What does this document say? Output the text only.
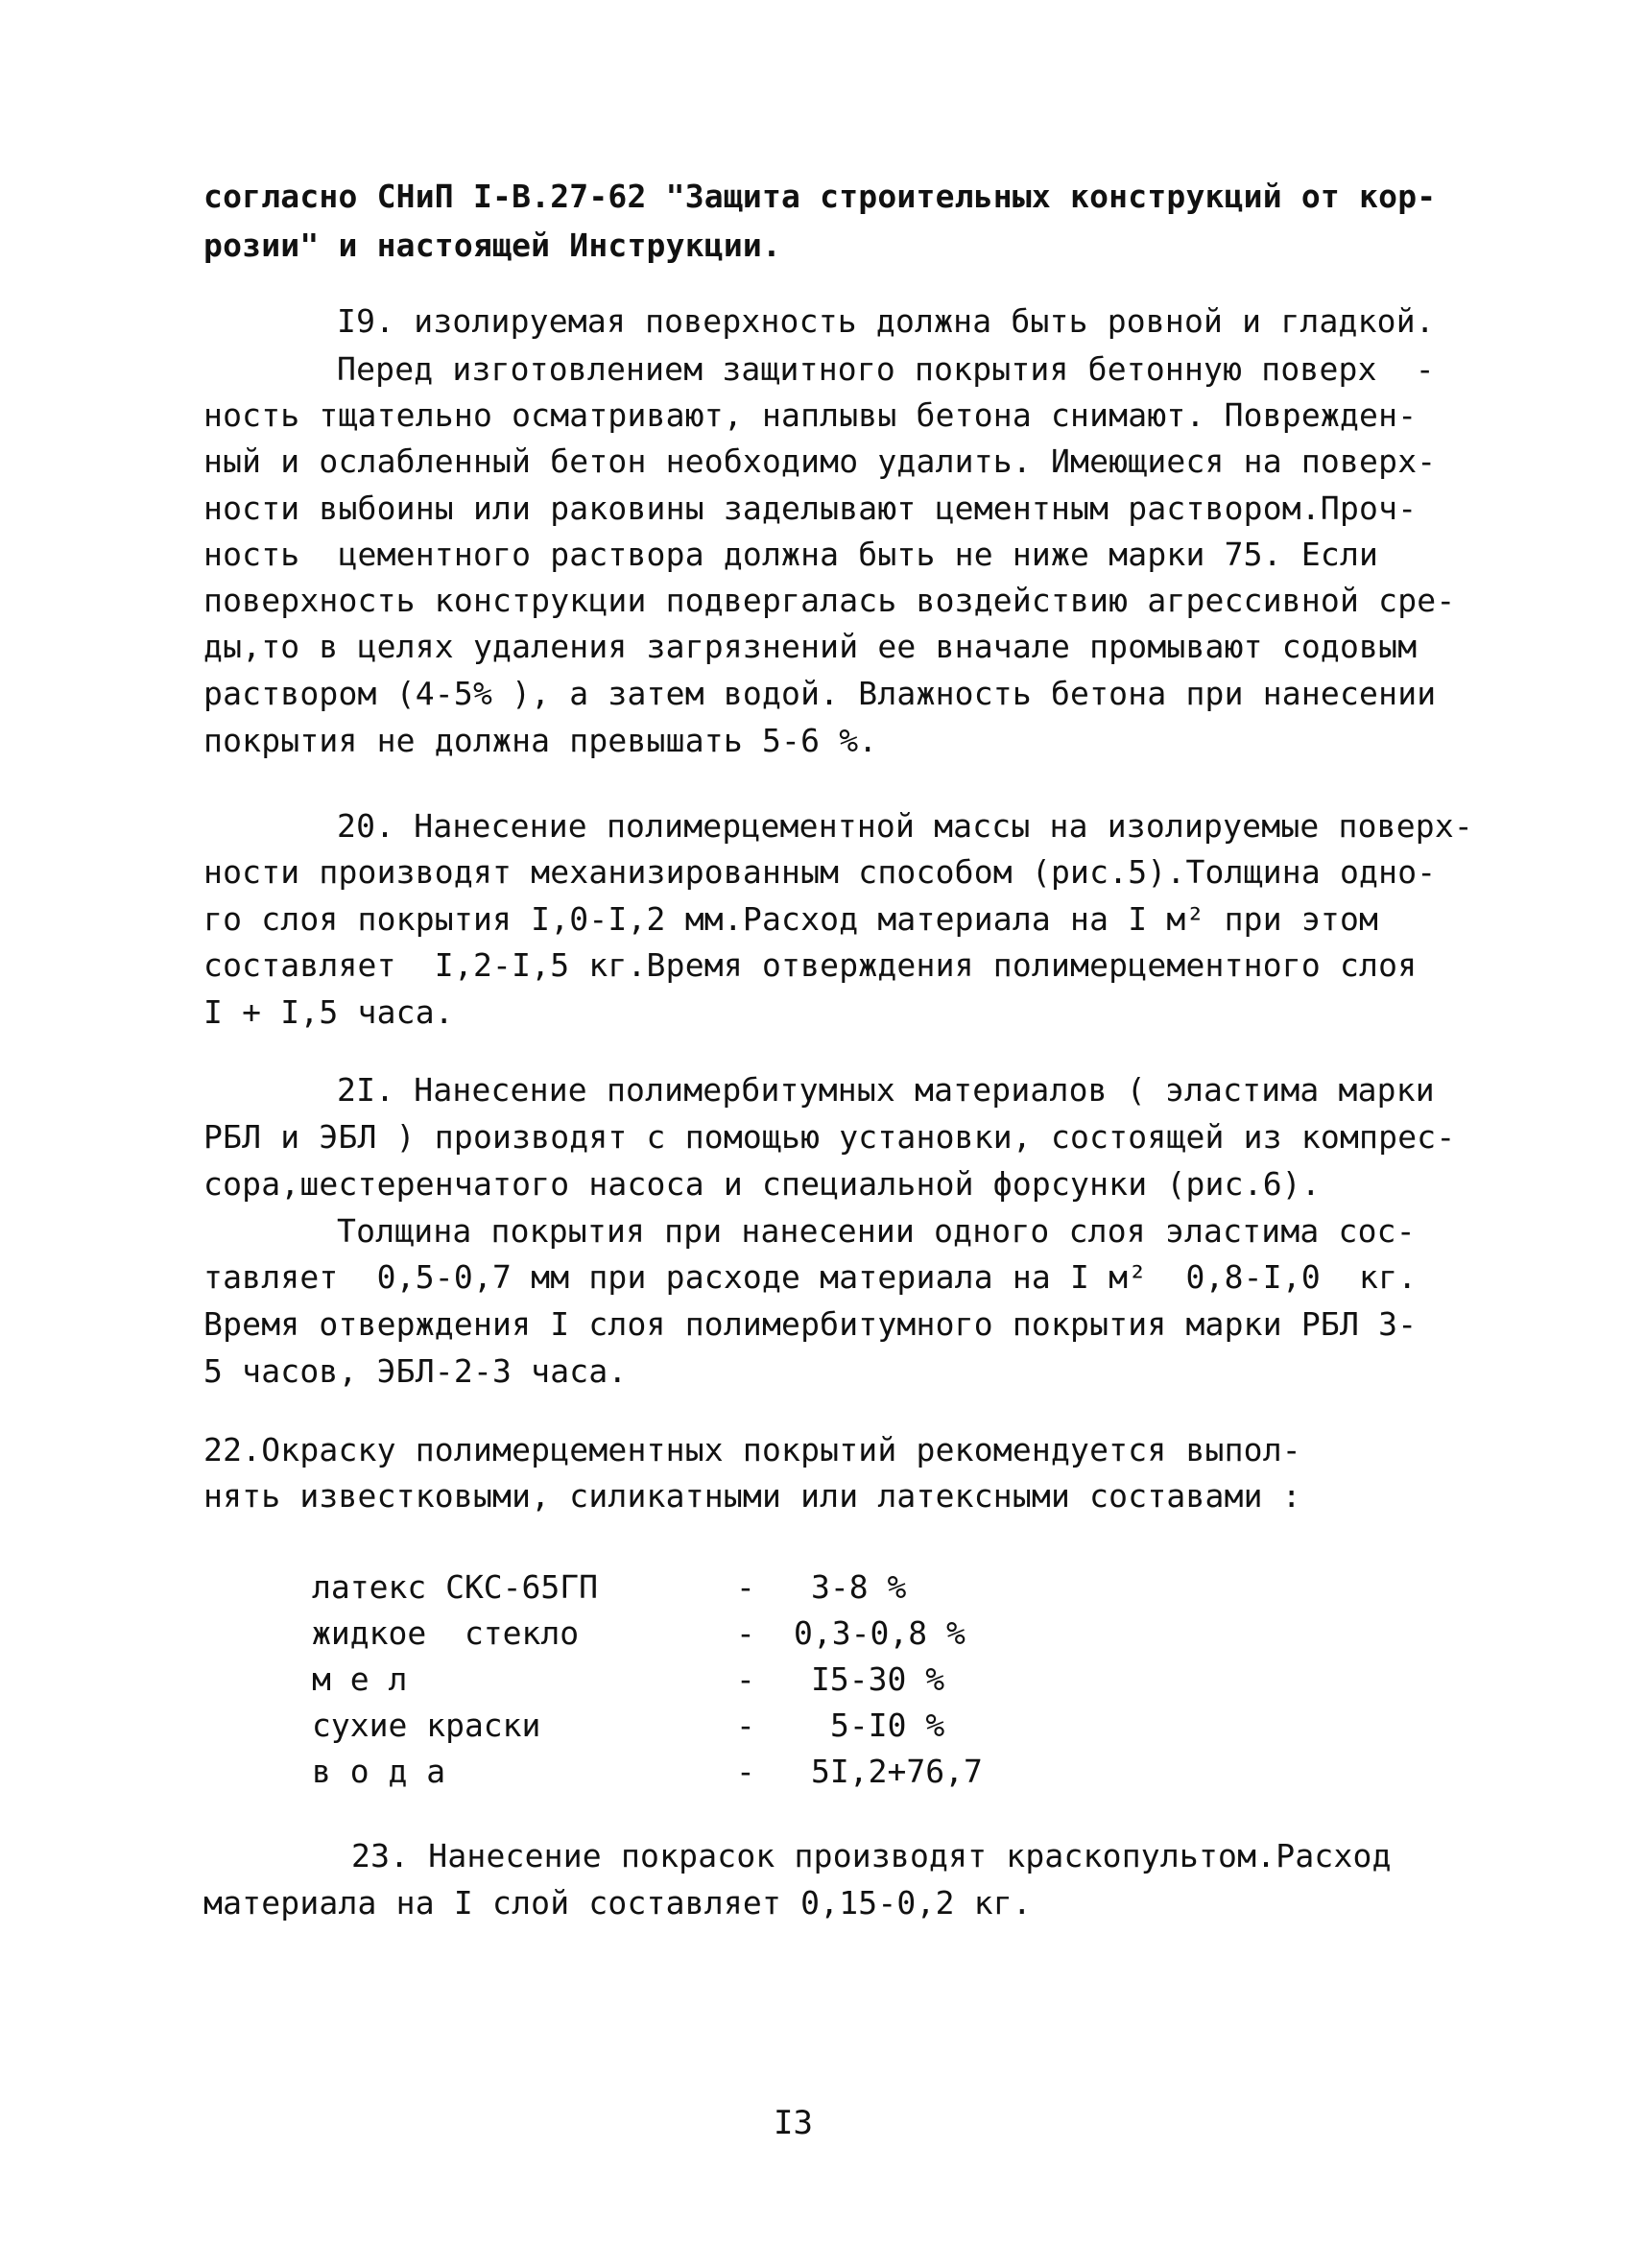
согласно СНиП I-B.27-62 "Защита строительных конструкций от кор-
розии" и настоящей Инструкции.
I9. изолируемая поверхность должна быть ровной и гладкой.
Перед изготовлением защитного покрытия бетонную поверх  -
ность тщательно осматривают, наплывы бетона снимают. Поврежден-
ный и ослабленный бетон необходимо удалить. Имеющиеся на поверх-
ности выбоины или раковины заделывают цементным раствором.Проч-
ность  цементного раствора должна быть не ниже марки 75. Если
поверхность конструкции подвергалась воздействию агрессивной сре-
ды,то в целях удаления загрязнений ее вначале промывают содовым
раствором (4-5% ), а затем водой. Влажность бетона при нанесении
покрытия не должна превышать 5-6 %.
20. Нанесение полимерцементной массы на изолируемые поверх-
ности производят механизированным способом (рис.5).Толщина одно-
го слоя покрытия I,0-I,2 мм.Расход материала на I м² при этом
составляет  I,2-I,5 кг.Время отверждения полимерцементного слоя
I + I,5 часа.
2I. Нанесение полимербитумных материалов ( эластима марки
РБЛ и ЭБЛ ) производят с помощью установки, состоящей из компрес-
сора,шестеренчатого насоса и специальной форсунки (рис.6).
Толщина покрытия при нанесении одного слоя эластима сос-
тавляет  0,5-0,7 мм при расходе материала на I м²  0,8-I,0  кг.
Время отверждения I слоя полимербитумного покрытия марки РБЛ 3-
5 часов, ЭБЛ-2-3 часа.
22.Окраску полимерцементных покрытий рекомендуется выпол-
нять известковыми, силикатными или латексными составами :
латекс СКС-65ГП	- 3-8 %
жидкое  стекло	- 0,3-0,8 %
м е л	- I5-30 %
сухие краски	- 5-I0 %
в о д а	- 5I,2+76,7
23. Нанесение покрасок производят краскопультом.Расход
материала на I слой составляет 0,15-0,2 кг.
I3
